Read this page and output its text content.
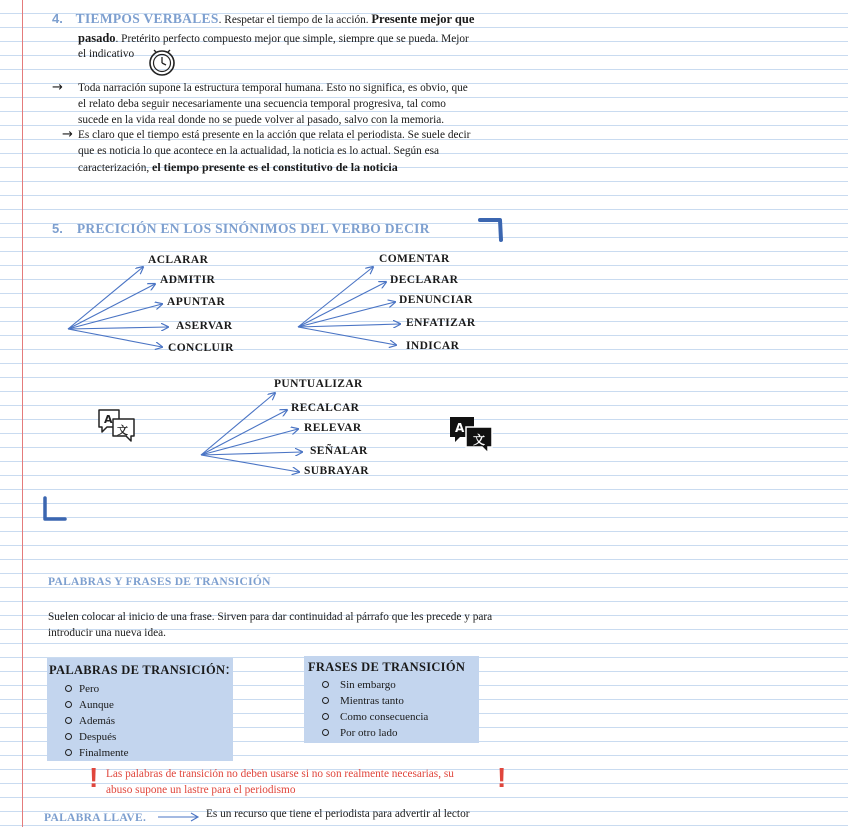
4. TIEMPOS VERBALES. Respetar el tiempo de la acción. Presente mejor que
pasado. Pretérito perfecto compuesto mejor que simple, siempre que se pueda. Mejor
el indicativo
→ Toda narración supone la estructura temporal humana. Esto no significa, es obvio, que
el relato deba seguir necesariamente una secuencia temporal progresiva, tal como
sucede en la vida real donde no se puede volver al pasado, salvo con la memoria.
→ Es claro que el tiempo está presente en la acción que relata el periodista. Se suele decir
que es noticia lo que acontece en la actualidad, la noticia es lo actual. Según esa
caracterización, el tiempo presente es el constitutivo de la noticia
5. PRECICIÓN EN LOS SINÓNIMOS DEL VERBO DECIR
ACLARAR
ADMITIR
APUNTAR
ASERVAR
CONCLUIR
COMENTAR
DECLARAR
DENUNCIAR
ENFATIZAR
INDICAR
PUNTUALIZAR
RECALCAR
RELEVAR
SEÑALAR
SUBRAYAR
A
文	A
文
PALABRAS Y FRASES DE TRANSICIÓN
Suelen colocar al inicio de una frase. Sirven para dar continuidad al párrafo que les precede y para
introducir una nueva idea.
PALABRAS DE TRANSICIÓN:
Pero
Aunque
Además
Después
Finalmente
FRASES DE TRANSICIÓN
Sin embargo
Mientras tanto
Como consecuencia
Por otro lado
! Las palabras de transición no deben usarse si no son realmente necesarias, su
abuso supone un lastre para el periodismo	!
PALABRA LLAVE.	Es un recurso que tiene el periodista para advertir al lector
